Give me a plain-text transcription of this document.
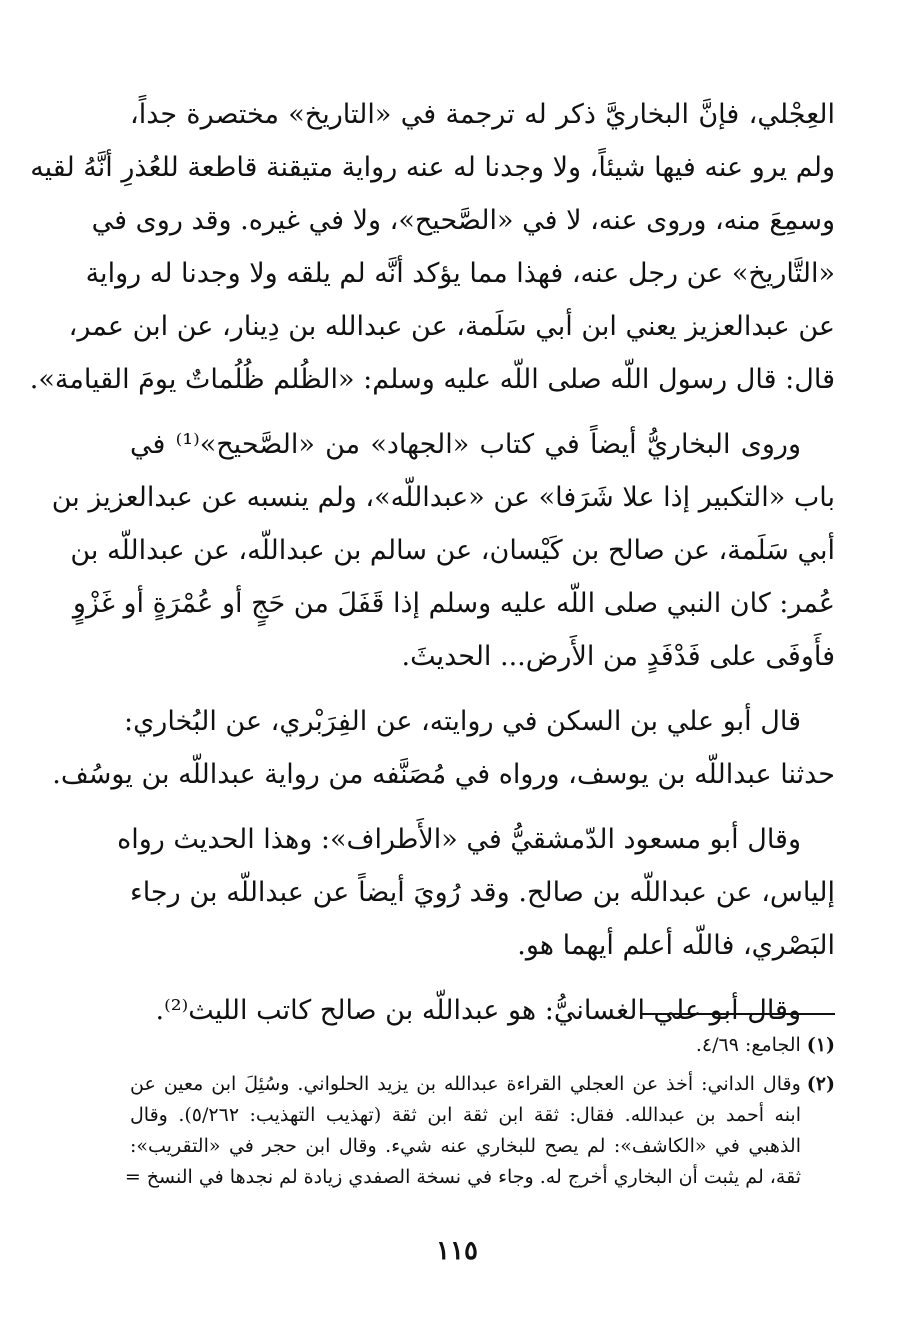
العِجْلي، فإنَّ البخاريَّ ذكر له ترجمة في «التاريخ» مختصرة جداً،
ولم يرو عنه فيها شيئاً، ولا وجدنا له عنه رواية متيقنة قاطعة للعُذرِ أنَّهُ لقيه
وسمِعَ منه، وروى عنه، لا في «الصَّحيح»، ولا في غيره. وقد روى في
«التَّاريخ» عن رجل عنه، فهذا مما يؤكد أنَّه لم يلقه ولا وجدنا له رواية
عن عبدالعزيز يعني ابن أبي سَلَمة، عن عبدالله بن دِينار، عن ابن عمر،
قال: قال رسول اللّه صلى اللّه عليه وسلم: «الظُلم ظُلُماتٌ يومَ القيامة».

وروى البخاريُّ أيضاً في كتاب «الجهاد» من «الصَّحيح»⁽¹⁾ في
باب «التكبير إذا علا شَرَفا» عن «عبداللّه»، ولم ينسبه عن عبدالعزيز بن
أبي سَلَمة، عن صالح بن كَيْسان، عن سالم بن عبداللّه، عن عبداللّه بن
عُمر: كان النبي صلى اللّه عليه وسلم إذا قَفَلَ من حَجٍ أو عُمْرَةٍ أو غَزْوٍ
فأَوفَى على فَدْفَدٍ من الأَرض... الحديثَ.

قال أبو علي بن السكن في روايته، عن الفِرَبْري، عن البُخاري:
حدثنا عبداللّه بن يوسف، ورواه في مُصَنَّفه من رواية عبداللّه بن يوسُف.

وقال أبو مسعود الدّمشقيُّ في «الأَطراف»: وهذا الحديث رواه
إلياس، عن عبداللّه بن صالح. وقد رُويَ أيضاً عن عبداللّه بن رجاء
البَصْري، فاللّه أعلم أيهما هو.

وقال أبو علي الغسانيُّ: هو عبداللّه بن صالح كاتب الليث⁽²⁾.

(١)الجامع: ٤/٦٩.
(٢)وقال الداني: أخذ عن العجلي القراءة عبدالله بن يزيد الحلواني. وسُئِلَ ابن معين عن
ابنه أحمد بن عبدالله. فقال: ثقة ابن ثقة ابن ثقة (تهذيب التهذيب: ٥/٢٦٢). وقال
الذهبي في «الكاشف»: لم يصح للبخاري عنه شيء. وقال ابن حجر في «التقريب»:
ثقة، لم يثبت أن البخاري أخرج له. وجاء في نسخة الصفدي زيادة لم نجدها في النسخ =
١١٥
